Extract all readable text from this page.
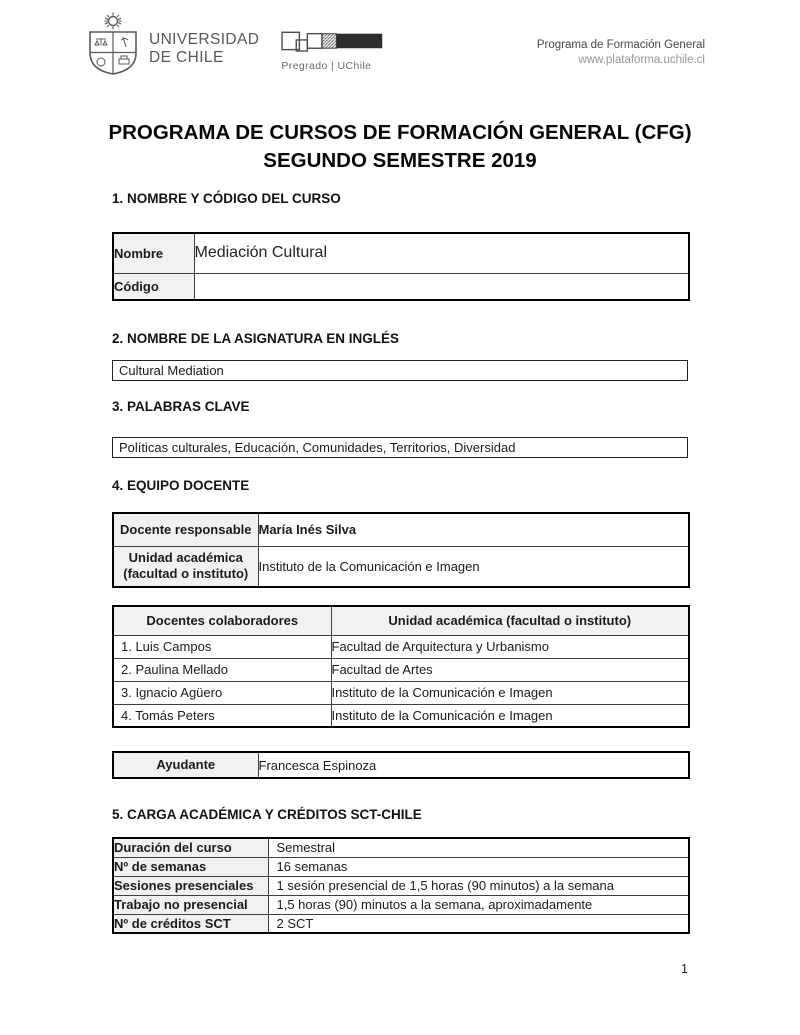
UNIVERSIDAD
DE CHILE
Pregrado | UChile
Programa de Formación General
www.plataforma.uchile.cl
PROGRAMA DE CURSOS DE FORMACIÓN GENERAL (CFG)
SEGUNDO SEMESTRE 2019
1. NOMBRE Y CÓDIGO DEL CURSO
Nombre	Mediación Cultural
Código	
2. NOMBRE DE LA ASIGNATURA EN INGLÉS
Cultural Mediation
3. PALABRAS CLAVE
Políticas culturales, Educación, Comunidades, Territorios, Diversidad
4. EQUIPO DOCENTE
Docente responsable	María Inés Silva
Unidad académica (facultad o instituto)	Instituto de la Comunicación e Imagen
Docentes colaboradores	Unidad académica (facultad o instituto)
1. Luis Campos	Facultad de Arquitectura y Urbanismo
2. Paulina Mellado	Facultad de Artes
3. Ignacio Agüero	Instituto de la Comunicación e Imagen
4. Tomás Peters	Instituto de la Comunicación e Imagen
Ayudante	Francesca Espinoza
5. CARGA ACADÉMICA Y CRÉDITOS SCT-CHILE
Duración del curso	Semestral
Nº de semanas	16 semanas
Sesiones presenciales	1 sesión presencial de 1,5 horas (90 minutos) a la semana
Trabajo no presencial	1,5 horas (90) minutos a la semana, aproximadamente
Nº de créditos SCT	2 SCT
1
